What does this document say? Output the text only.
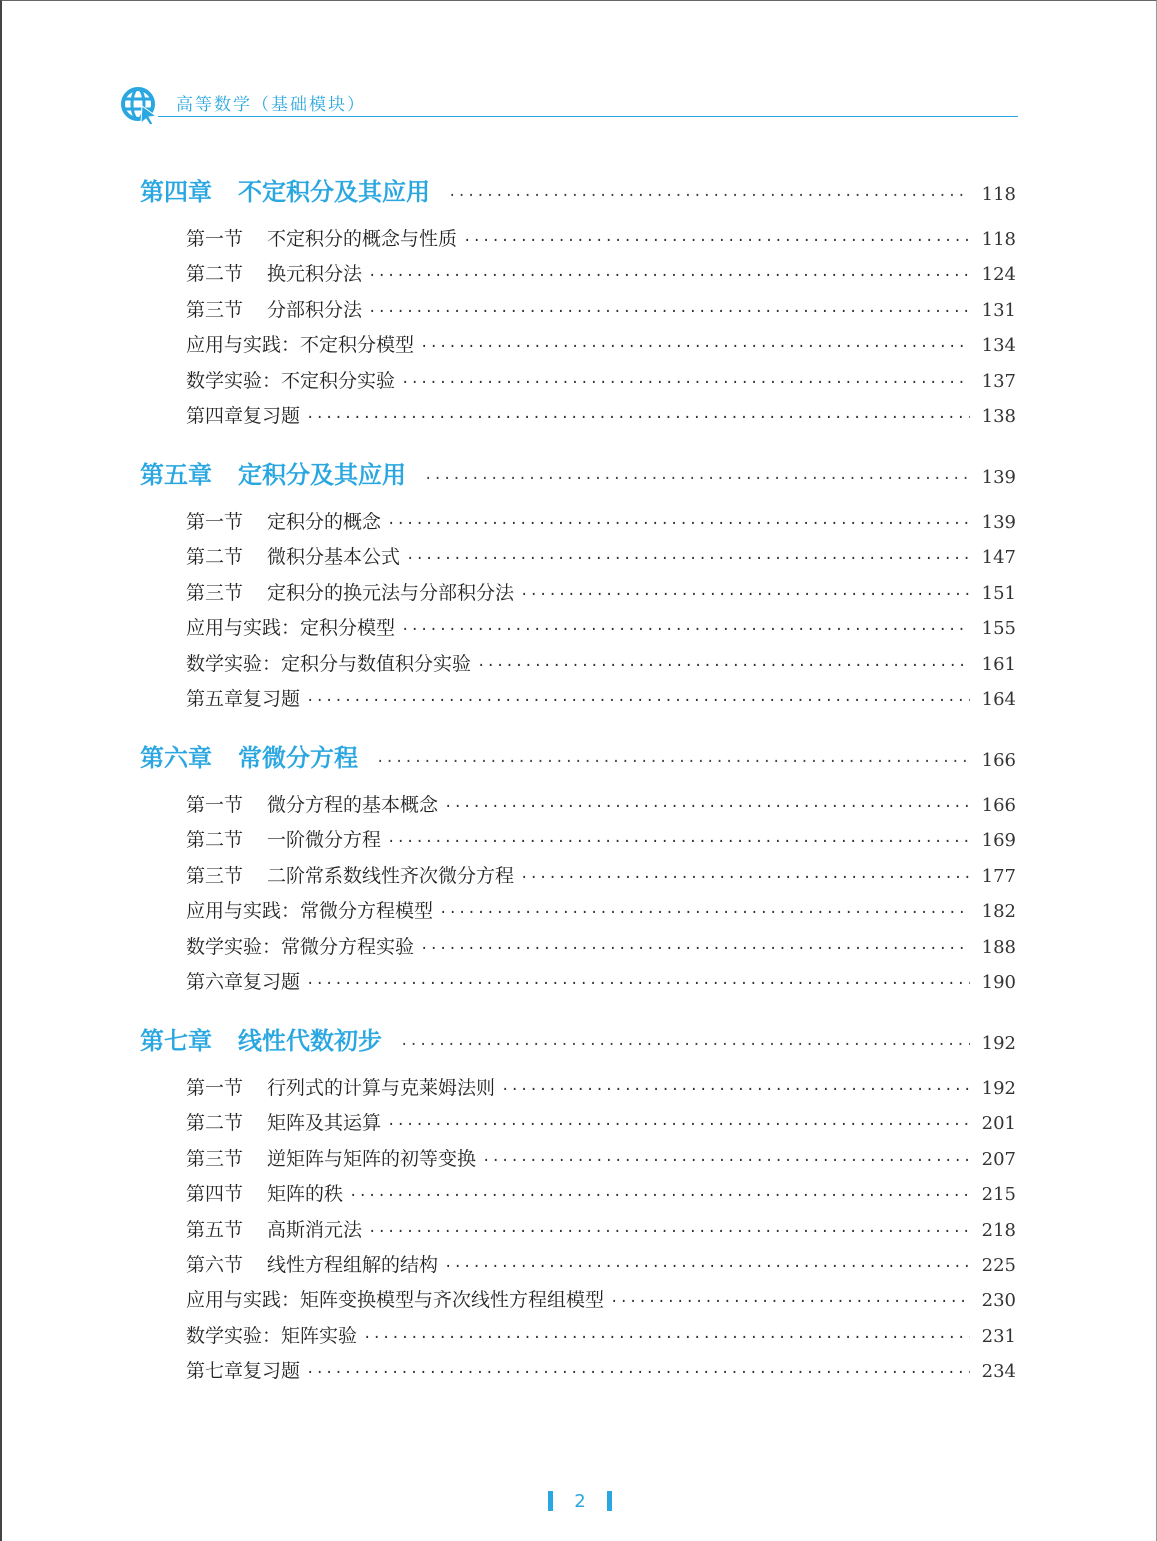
高等数学（基础模块）
第四章 不定积分及其应用 ·····	118
第一节 不定积分的概念与性质 ·····	118
第二节 换元积分法 ·····	124
第三节 分部积分法 ·····	131
应用与实践：不定积分模型 ·····	134
数学实验：不定积分实验 ·····	137
第四章复习题 ·····	138
第五章 定积分及其应用 ·····	139
第一节 定积分的概念 ·····	139
第二节 微积分基本公式 ·····	147
第三节 定积分的换元法与分部积分法 ·····	151
应用与实践：定积分模型 ·····	155
数学实验：定积分与数值积分实验 ·····	161
第五章复习题 ·····	164
第六章 常微分方程 ·····	166
第一节 微分方程的基本概念 ·····	166
第二节 一阶微分方程 ·····	169
第三节 二阶常系数线性齐次微分方程 ·····	177
应用与实践：常微分方程模型 ·····	182
数学实验：常微分方程实验 ·····	188
第六章复习题 ·····	190
第七章 线性代数初步 ·····	192
第一节 行列式的计算与克莱姆法则 ·····	192
第二节 矩阵及其运算 ·····	201
第三节 逆矩阵与矩阵的初等变换 ·····	207
第四节 矩阵的秩 ·····	215
第五节 高斯消元法 ·····	218
第六节 线性方程组解的结构 ·····	225
应用与实践：矩阵变换模型与齐次线性方程组模型 ·····	230
数学实验：矩阵实验 ·····	231
第七章复习题 ·····	234
2
